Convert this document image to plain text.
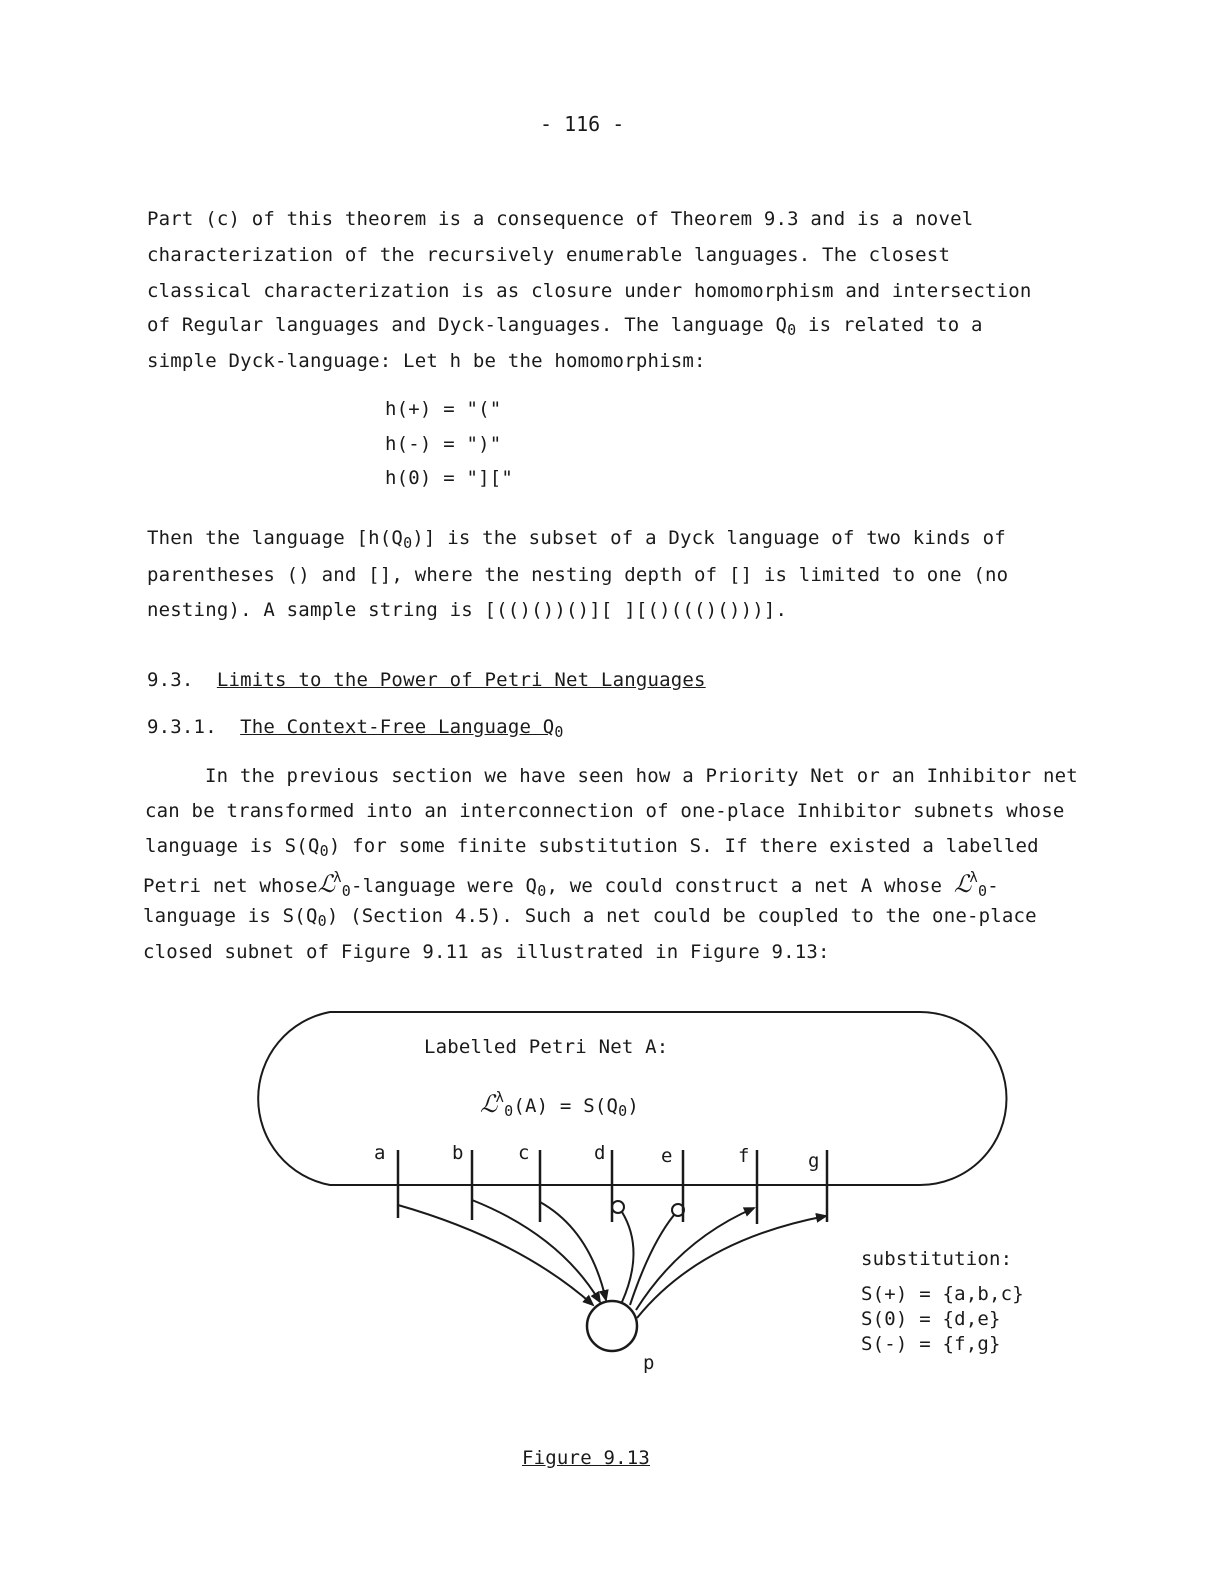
- 116 -
Part (c) of this theorem is a consequence of Theorem 9.3 and is a novel
characterization of the recursively enumerable languages. The closest
classical characterization is as closure under homomorphism and intersection
of Regular languages and Dyck-languages. The language $Q_0$ is related to a
simple Dyck-language: Let h be the homomorphism:
h(+) = "("
h(-) = ")"
h(0) = "]["
Then the language $[h(Q_0)]$ is the subset of a Dyck language of two kinds of
parentheses () and [], where the nesting depth of [] is limited to one (no
nesting). A sample string is [(()())()][ ][()((()()))].
9.3. Limits to the Power of Petri Net Languages
9.3.1. The Context-Free Language $Q_0$
In the previous section we have seen how a Priority Net or an Inhibitor net
can be transformed into an interconnection of one-place Inhibitor subnets whose
language is $S(Q_0)$ for some finite substitution S. If there existed a labelled
Petri net whoseℒ$^\lambda_0$-language were $Q_0$, we could construct a net A whose ℒ$^\lambda_0$-
language is $S(Q_0)$ (Section 4.5). Such a net could be coupled to the one-place
closed subnet of Figure 9.11 as illustrated in Figure 9.13:
Labelled Petri Net A:
ℒ$^\lambda_0$(A) = $S(Q_0)$
a	b	c	d	e	f	g
p
substitution:
S(+) = {a,b,c}
S(0) = {d,e}
S(-) = {f,g}
Figure 9.13
